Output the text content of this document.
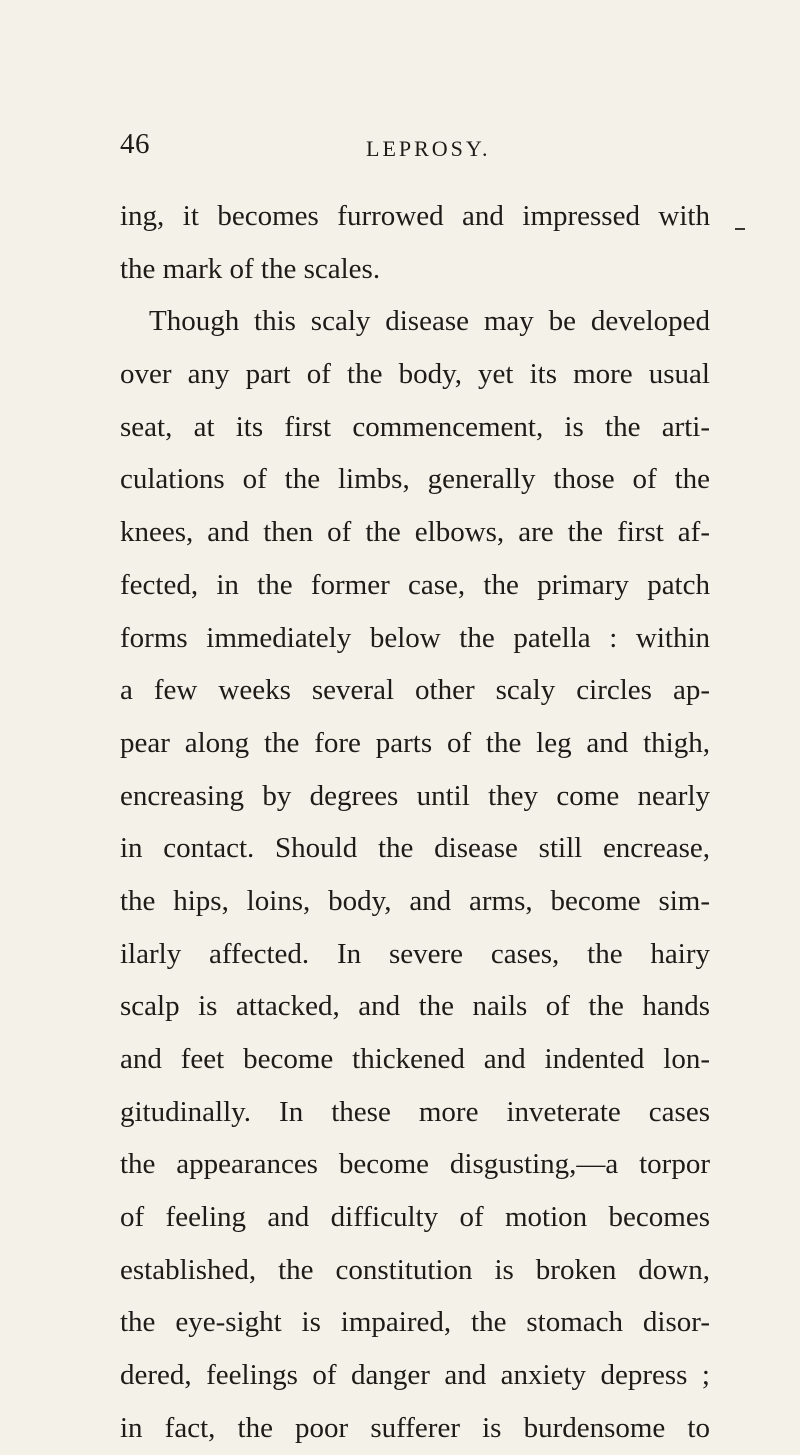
46	LEPROSY.
ing, it becomes furrowed and impressed with
the mark of the scales.
Though this scaly disease may be developed
over any part of the body, yet its more usual
seat, at its first commencement, is the arti-
culations of the limbs, generally those of the
knees, and then of the elbows, are the first af-
fected, in the former case, the primary patch
forms immediately below the patella : within
a few weeks several other scaly circles ap-
pear along the fore parts of the leg and thigh,
encreasing by degrees until they come nearly
in contact. Should the disease still encrease,
the hips, loins, body, and arms, become sim-
ilarly affected. In severe cases, the hairy
scalp is attacked, and the nails of the hands
and feet become thickened and indented lon-
gitudinally. In these more inveterate cases
the appearances become disgusting,—a torpor
of feeling and difficulty of motion becomes
established, the constitution is broken down,
the eye-sight is impaired, the stomach disor-
dered, feelings of danger and anxiety depress ;
in fact, the poor sufferer is burdensome to
